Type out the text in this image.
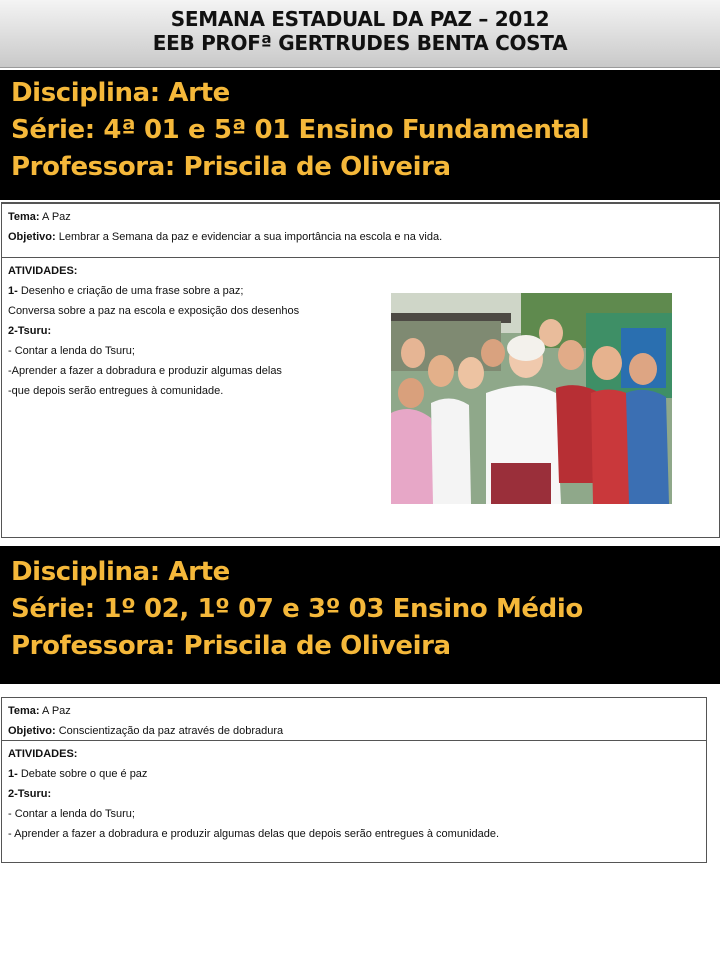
SEMANA ESTADUAL DA PAZ – 2012
EEB PROFª GERTRUDES BENTA COSTA
Disciplina: Arte
Série: 4ª 01 e 5ª 01 Ensino Fundamental
Professora: Priscila de Oliveira
Tema: A Paz
Objetivo: Lembrar a Semana da paz e evidenciar a sua importância na escola e na vida.
ATIVIDADES:
1- Desenho e criação de uma frase sobre a paz;
Conversa sobre a paz na escola e exposição dos desenhos
2-Tsuru:
- Contar a lenda do Tsuru;
-Aprender a fazer a dobradura e produzir algumas delas
-que depois serão entregues à comunidade.
Disciplina: Arte
Série: 1º 02, 1º 07 e 3º 03 Ensino Médio
Professora: Priscila de Oliveira
Tema: A Paz
Objetivo: Conscientização da paz através de dobradura
ATIVIDADES:
1- Debate sobre o que é paz
2-Tsuru:
- Contar a lenda do Tsuru;
- Aprender a fazer a dobradura e produzir algumas delas que depois serão entregues à comunidade.
